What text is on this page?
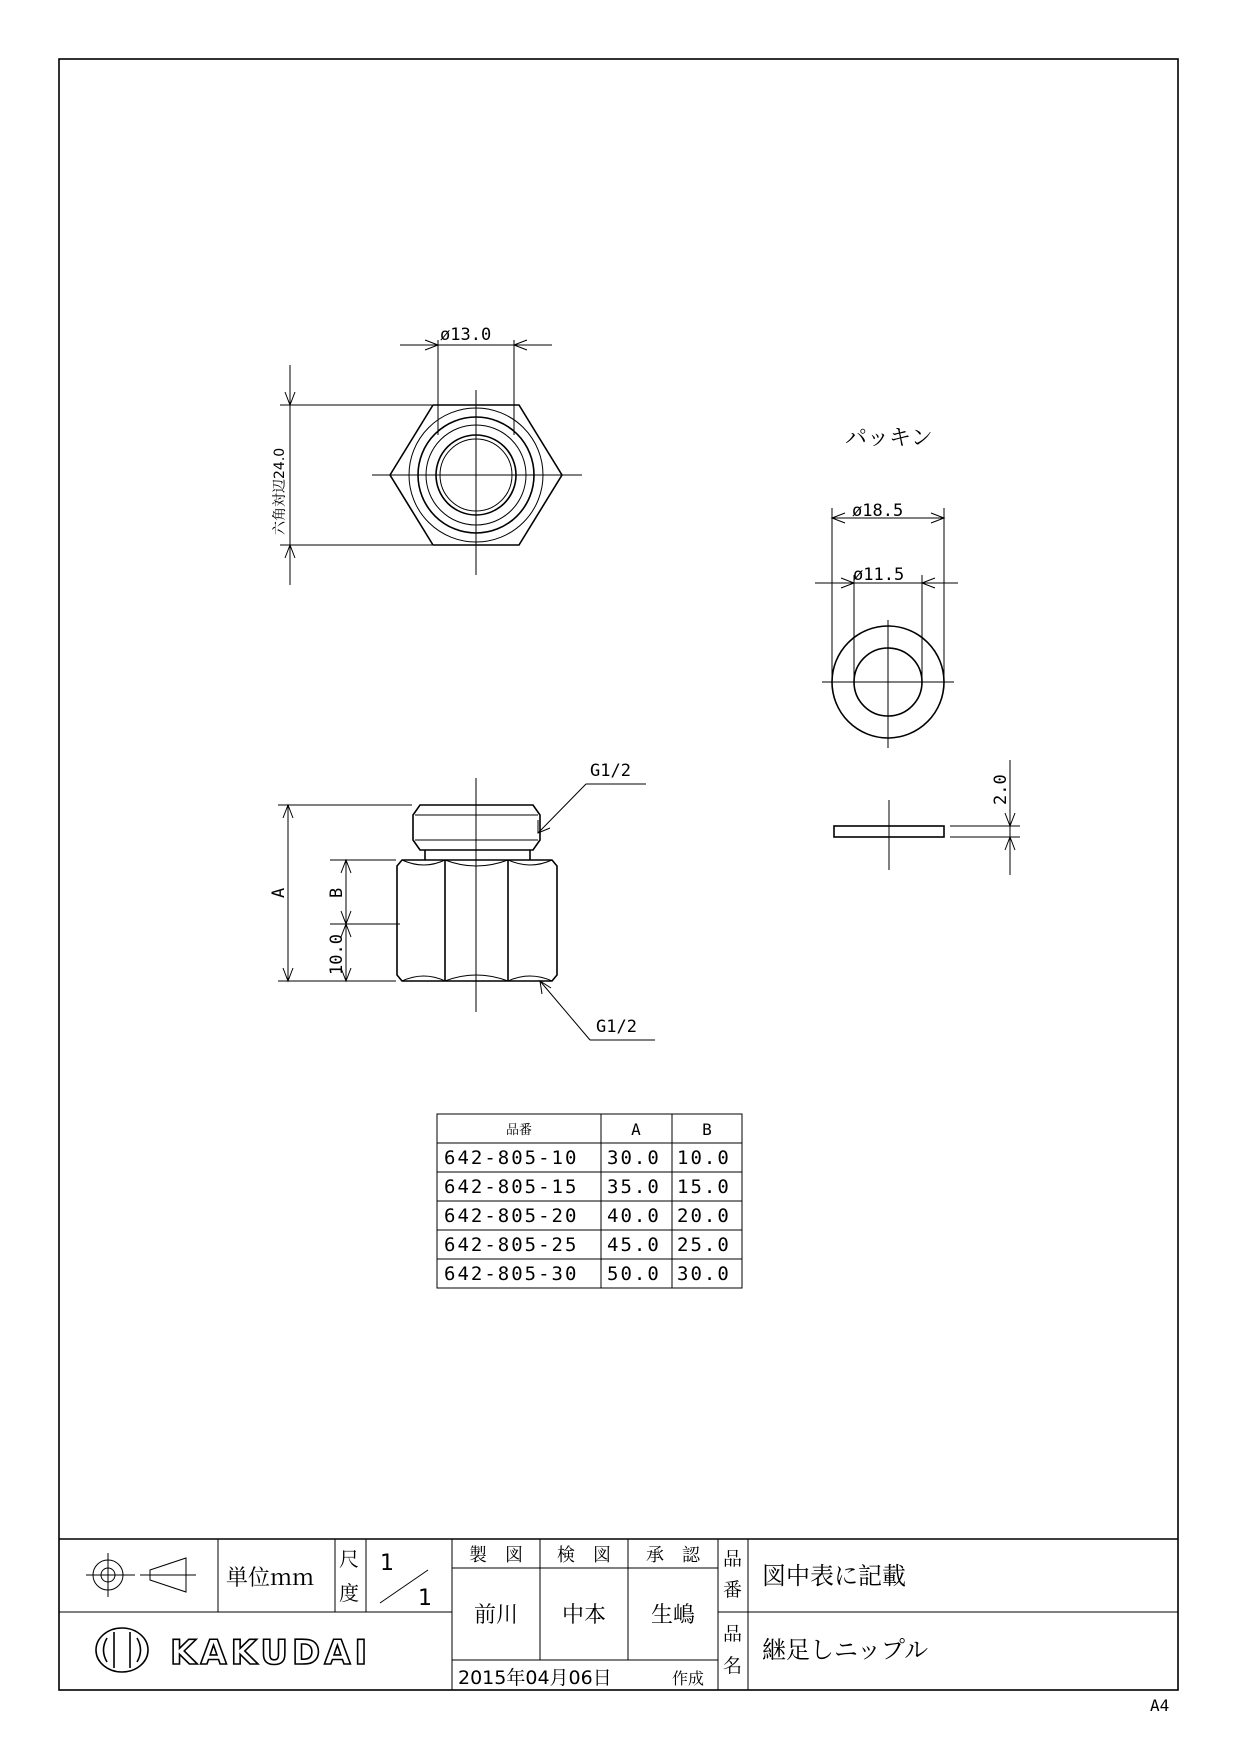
ø13.0
六角対辺24.0
パッキン
ø18.5
ø11.5
2.0
A B
10.0
G1/2
G1/2
品番	A	B
642-805-10 30.0 10.0
642-805-15 35.0 15.0
642-805-20 40.0 20.0
642-805-25 45.0 25.0
642-805-30 50.0 30.0
単位ｍｍ
尺
度
1
1
製　図 検　図 承　認
前川 中本 生嶋
2015年04月06日	作成
品
番 図中表に記載
品
名
継足しニップル
KAKUDAI
A4
